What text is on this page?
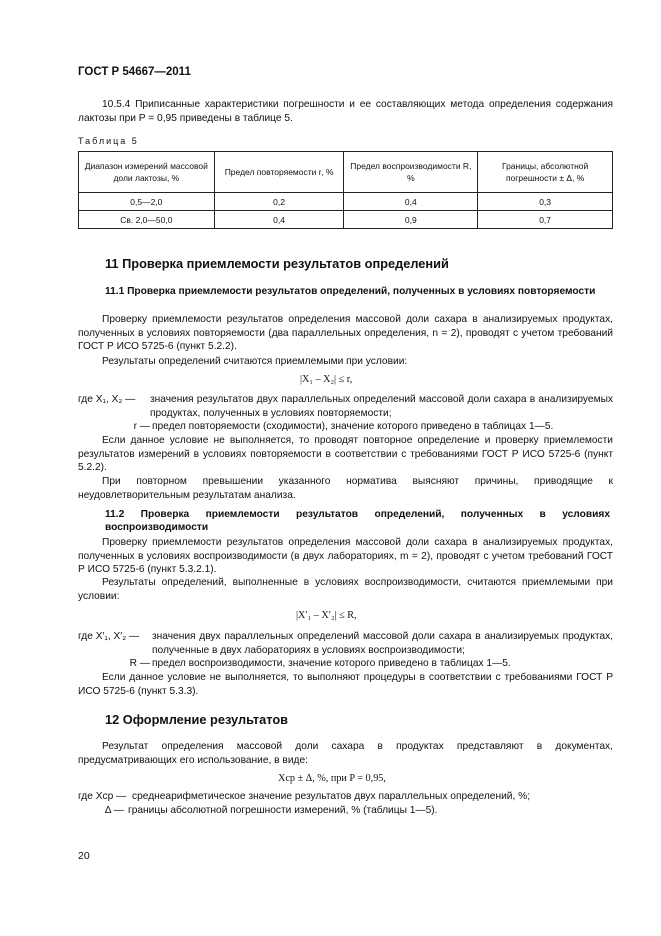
ГОСТ Р 54667—2011
10.5.4 Приписанные характеристики погрешности и ее составляющих метода определения содержания лактозы при P = 0,95 приведены в таблице 5.
Таблица 5
Диапазон измерений массовой доли лактозы, %	Предел повторяемости r, %	Предел воспроизводимости R, %	Границы, абсолютной погрешности ± Δ, %
0,5—2,0	0,2	0,4	0,3
Св. 2,0—50,0	0,4	0,9	0,7
11 Проверка приемлемости результатов определений
11.1 Проверка приемлемости результатов определений, полученных в условиях повторяемости
Проверку приемлемости результатов определения массовой доли сахара в анализируемых продуктах, полученных в условиях повторяемости (два параллельных определения, n = 2), проводят с учетом требований ГОСТ Р ИСО 5725-6 (пункт 5.2.2).
Результаты определений считаются приемлемыми при условии:
|X₁ – X₂| ≤ r,
где X₁, X₂ — значения результатов двух параллельных определений массовой доли сахара в анализируемых продуктах, полученных в условиях повторяемости;
r — предел повторяемости (сходимости), значение которого приведено в таблицах 1—5.
Если данное условие не выполняется, то проводят повторное определение и проверку приемлемости результатов измерений в условиях повторяемости в соответствии с требованиями ГОСТ Р ИСО 5725-6 (пункт 5.2.2).
При повторном превышении указанного норматива выясняют причины, приводящие к неудовлетворительным результатам анализа.
11.2 Проверка приемлемости результатов определений, полученных в условиях воспроизводимости
Проверку приемлемости результатов определения массовой доли сахара в анализируемых продуктах, полученных в условиях воспроизводимости (в двух лабораториях, m = 2), проводят с учетом требований ГОСТ Р ИСО 5725-6 (пункт 5.3.2.1).
Результаты определений, выполненные в условиях воспроизводимости, считаются приемлемыми при условии:
|X′₁ – X′₂| ≤ R,
где X′₁, X′₂ — значения двух параллельных определений массовой доли сахара в анализируемых продуктах, полученные в двух лабораториях в условиях воспроизводимости;
R — предел воспроизводимости, значение которого приведено в таблицах 1—5.
Если данное условие не выполняется, то выполняют процедуры в соответствии с требованиями ГОСТ Р ИСО 5725-6 (пункт 5.3.3).
12 Оформление результатов
Результат определения массовой доли сахара в продуктах представляют в документах, предусматривающих его использование, в виде:
Xср ± Δ, %, при P = 0,95,
где Xср — среднеарифметическое значение результатов двух параллельных определений, %;
Δ — границы абсолютной погрешности измерений, % (таблицы 1—5).
20
